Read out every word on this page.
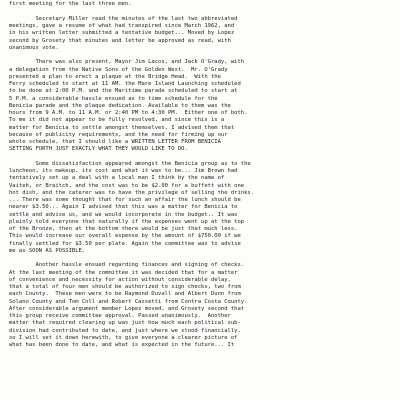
first meeting for the last three men.
Secretary Miller read the minutes of the last two abbreviated
meetings, gave a resume of what had transpired since March 1962, and
in his written letter submitted a tentative budget... Moved by Lopez
second by Grosety that minutes and letter be approved as read, with
unanimous vote.
There was also present, Mayor Jim Lacos, and Jack O'Grady, with
a delegation from the Native Sons of the Golden West.  Mr. O'Grady
presented a plan to erect a plaque at the Bridge Head.  With the
Ferry scheduled to start at 11 AM. the Mare Island Launching scheduled
to be done at 2:00 P.M. and the Maritime parade scheduled to start at
5 P.M. a considerable hassle ensued as to time schedule for the
Benicia parade and the plaque dedication. Available to them was the
hours from 9 A.M. to 11 A.M. or 2:40 PM to 4:30 PM.  Either one of both.
To me it did not appear to be fully resolved, and since this is a
matter for Benicia to settle amongst themselves, I advised them that
because of publicity requirements, and the need for firming up our
whole schedule, that I should like a WRITTEN LETTER FROM BENICIA
SETTING FORTH JUST EXACTLY WHAT THEY WOULD LIKE TO DO.
Some dissatisfaction appeared amongst the Benicia group as to the
luncheon, its makeup, its cost and what it was to be... Jim Brown had
tentatively set up a deal with a local man I think by the name of
Vaiteh, or Braitch, and the cost was to be $2.00 for a buffett with one
hot dish, and the caterer was to have the privilege of selling the drinks.
... There was some thought that for such an affair the lunch should be
nearer $3.50... Again I advised that this was a matter for Benicia to
settle and advise us, and we would incorporate in the budget.. It was
plainly told everyone that naturally if the expenses went up at the top
of the Bronze, then at the bottom there would be just that much less.
This would increase our overall expense by the amount of $750.00 if we
finally settled for $3.50 per plate. Again the committee was to advise
me as SOON AS POSSIBLE.
Another hassle ensued regarding finances and signing of checks.
At the last meeting of the committee it was decided that for a matter
of convenience and necessity for action without considerable delay,
that a total of four men should be authorized to sign checks, two from
each County.  These men were to be Raymond Duvall and Albert Dunn from
Solano County and Tom Coll and Robert Cassetti from Contra Costa County.
After considerable argument member Lopez moved, and Grosety second that
this group receive committee approval. Passed unanimously.  Another
matter that required clearing up was just how much each political sub-
division had contributed to date, and just where we stood financially,
so I will set it down herewith, to give everyone a clearer picture of
what has been done to date, and what is expected in the future... It
